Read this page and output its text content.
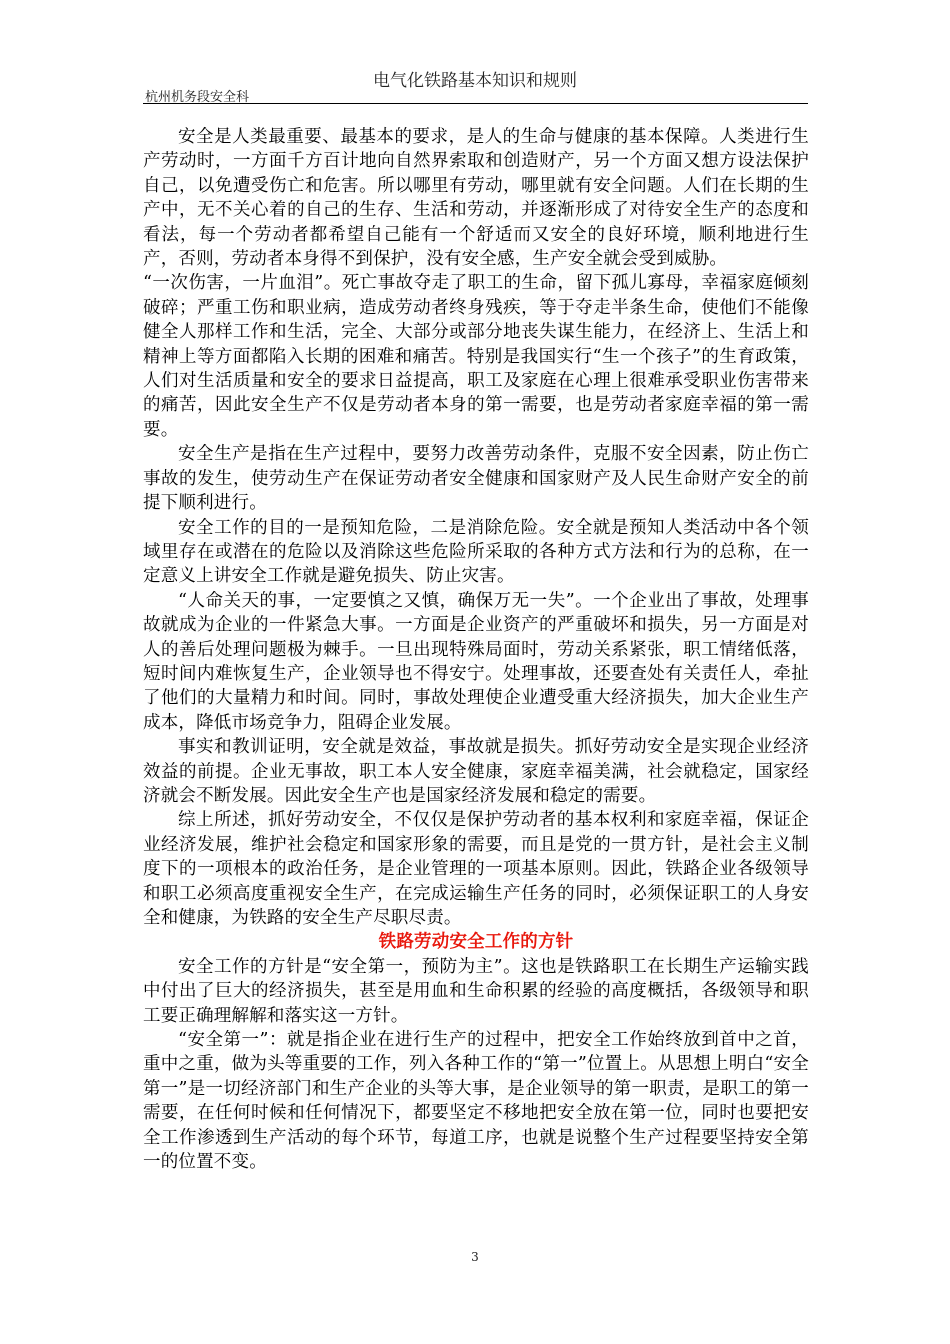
电气化铁路基本知识和规则
杭州机务段安全科

安全是人类最重要、最基本的要求，是人的生命与健康的基本保障。人类进行生产劳动时，一方面千方百计地向自然界索取和创造财产，另一个方面又想方设法保护自己，以免遭受伤亡和危害。所以哪里有劳动，哪里就有安全问题。人们在长期的生产中，无不关心着的自己的生存、生活和劳动，并逐渐形成了对待安全生产的态度和看法，每一个劳动者都希望自己能有一个舒适而又安全的良好环境，顺利地进行生产，否则，劳动者本身得不到保护，没有安全感，生产安全就会受到威胁。

“一次伤害，一片血泪”。死亡事故夺走了职工的生命，留下孤儿寡母，幸福家庭倾刻破碎；严重工伤和职业病，造成劳动者终身残疾，等于夺走半条生命，使他们不能像健全人那样工作和生活，完全、大部分或部分地丧失谋生能力，在经济上、生活上和精神上等方面都陷入长期的困难和痛苦。特别是我国实行“生一个孩子”的生育政策，人们对生活质量和安全的要求日益提高，职工及家庭在心理上很难承受职业伤害带来的痛苦，因此安全生产不仅是劳动者本身的第一需要，也是劳动者家庭幸福的第一需要。

安全生产是指在生产过程中，要努力改善劳动条件，克服不安全因素，防止伤亡事故的发生，使劳动生产在保证劳动者安全健康和国家财产及人民生命财产安全的前提下顺利进行。

安全工作的目的一是预知危险，二是消除危险。安全就是预知人类活动中各个领域里存在或潜在的危险以及消除这些危险所采取的各种方式方法和行为的总称，在一定意义上讲安全工作就是避免损失、防止灾害。

“人命关天的事，一定要慎之又慎，确保万无一失”。一个企业出了事故，处理事故就成为企业的一件紧急大事。一方面是企业资产的严重破坏和损失，另一方面是对人的善后处理问题极为棘手。一旦出现特殊局面时，劳动关系紧张，职工情绪低落，短时间内难恢复生产，企业领导也不得安宁。处理事故，还要查处有关责任人，牵扯了他们的大量精力和时间。同时，事故处理使企业遭受重大经济损失，加大企业生产成本，降低市场竞争力，阻碍企业发展。

事实和教训证明，安全就是效益，事故就是损失。抓好劳动安全是实现企业经济效益的前提。企业无事故，职工本人安全健康，家庭幸福美满，社会就稳定，国家经济就会不断发展。因此安全生产也是国家经济发展和稳定的需要。

综上所述，抓好劳动安全，不仅仅是保护劳动者的基本权利和家庭幸福，保证企业经济发展，维护社会稳定和国家形象的需要，而且是党的一贯方针，是社会主义制度下的一项根本的政治任务，是企业管理的一项基本原则。因此，铁路企业各级领导和职工必须高度重视安全生产，在完成运输生产任务的同时，必须保证职工的人身安全和健康，为铁路的安全生产尽职尽责。

铁路劳动安全工作的方针

安全工作的方针是“安全第一，预防为主”。这也是铁路职工在长期生产运输实践中付出了巨大的经济损失，甚至是用血和生命积累的经验的高度概括，各级领导和职工要正确理解解和落实这一方针。

“安全第一”：就是指企业在进行生产的过程中，把安全工作始终放到首中之首，重中之重，做为头等重要的工作，列入各种工作的“第一”位置上。从思想上明白“安全第一”是一切经济部门和生产企业的头等大事，是企业领导的第一职责，是职工的第一需要，在任何时候和任何情况下，都要坚定不移地把安全放在第一位，同时也要把安全工作渗透到生产活动的每个环节，每道工序，也就是说整个生产过程要坚持安全第一的位置不变。

3
